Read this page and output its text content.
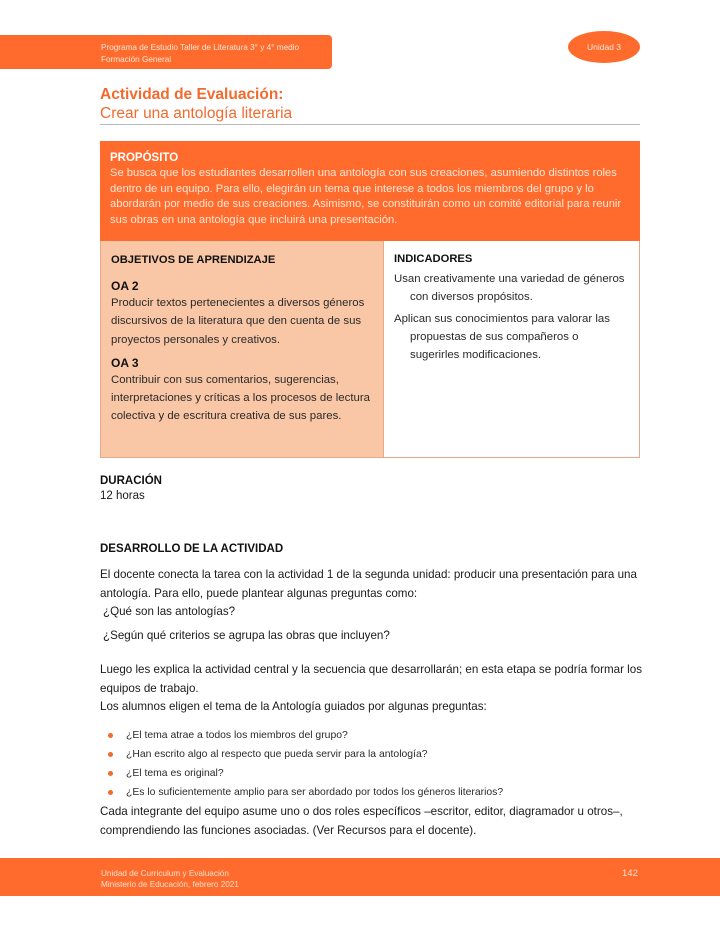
Programa de Estudio Taller de Literatura 3° y 4° medio
Formación General
Unidad 3
Actividad de Evaluación:
Crear una antología literaria
PROPÓSITO
Se busca que los estudiantes desarrollen una antología con sus creaciones, asumiendo distintos roles dentro de un equipo. Para ello, elegirán un tema que interese a todos los miembros del grupo y lo abordarán por medio de sus creaciones. Asimismo, se constituirán como un comité editorial para reunir sus obras en una antología que incluirá una presentación.
OBJETIVOS DE APRENDIZAJE
OA 2
Producir textos pertenecientes a diversos géneros discursivos de la literatura que den cuenta de sus proyectos personales y creativos.
OA 3
Contribuir con sus comentarios, sugerencias, interpretaciones y críticas a los procesos de lectura colectiva y de escritura creativa de sus pares.
INDICADORES
Usan creativamente una variedad de géneros con diversos propósitos.
Aplican sus conocimientos para valorar las propuestas de sus compañeros o sugerirles modificaciones.
DURACIÓN
12 horas
DESARROLLO DE LA ACTIVIDAD
El docente conecta la tarea con la actividad 1 de la segunda unidad: producir una presentación para una antología. Para ello, puede plantear algunas preguntas como:
¿Qué son las antologías?
¿Según qué criterios se agrupa las obras que incluyen?
Luego les explica la actividad central y la secuencia que desarrollarán; en esta etapa se podría formar los equipos de trabajo.
Los alumnos eligen el tema de la Antología guiados por algunas preguntas:
¿El tema atrae a todos los miembros del grupo?
¿Han escrito algo al respecto que pueda servir para la antología?
¿El tema es original?
¿Es lo suficientemente amplio para ser abordado por todos los géneros literarios?
Cada integrante del equipo asume uno o dos roles específicos –escritor, editor, diagramador u otros–, comprendiendo las funciones asociadas. (Ver Recursos para el docente).
Unidad de Curriculum y Evaluación
Ministerio de Educación, febrero 2021
142
